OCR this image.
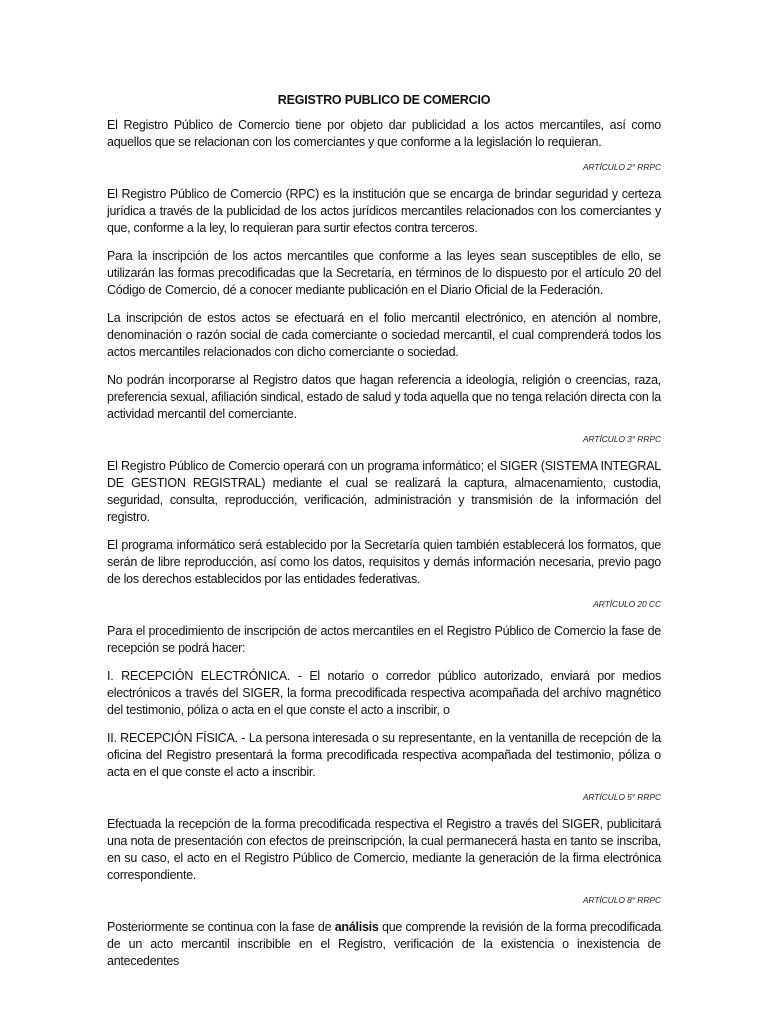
REGISTRO PUBLICO DE COMERCIO

El Registro Público de Comercio tiene por objeto dar publicidad a los actos mercantiles, así como aquellos que se relacionan con los comerciantes y que conforme a la legislación lo requieran.

ARTÍCULO 2° RRPC

El Registro Público de Comercio (RPC) es la institución que se encarga de brindar seguridad y certeza jurídica a través de la publicidad de los actos jurídicos mercantiles relacionados con los comerciantes y que, conforme a la ley, lo requieran para surtir efectos contra terceros.

Para la inscripción de los actos mercantiles que conforme a las leyes sean susceptibles de ello, se utilizarán las formas precodificadas que la Secretaría, en términos de lo dispuesto por el artículo 20 del Código de Comercio, dé a conocer mediante publicación en el Diario Oficial de la Federación.

La inscripción de estos actos se efectuará en el folio mercantil electrónico, en atención al nombre, denominación o razón social de cada comerciante o sociedad mercantil, el cual comprenderá todos los actos mercantiles relacionados con dicho comerciante o sociedad.

No podrán incorporarse al Registro datos que hagan referencia a ideología, religión o creencias, raza, preferencia sexual, afiliación sindical, estado de salud y toda aquella que no tenga relación directa con la actividad mercantil del comerciante.

ARTÍCULO 3° RRPC

El Registro Público de Comercio operará con un programa informático; el SIGER (SISTEMA INTEGRAL DE GESTION REGISTRAL) mediante el cual se realizará la captura, almacenamiento, custodia, seguridad, consulta, reproducción, verificación, administración y transmisión de la información del registro.

El programa informático será establecido por la Secretaría quien también establecerá los formatos, que serán de libre reproducción, así como los datos, requisitos y demás información necesaria, previo pago de los derechos establecidos por las entidades federativas.

ARTÍCULO 20 CC

Para el procedimiento de inscripción de actos mercantiles en el Registro Público de Comercio la fase de recepción se podrá hacer:

I. RECEPCIÓN ELECTRÓNICA. - El notario o corredor público autorizado, enviará por medios electrónicos a través del SIGER, la forma precodificada respectiva acompañada del archivo magnético del testimonio, póliza o acta en el que conste el acto a inscribir, o

II. RECEPCIÓN FÍSICA. - La persona interesada o su representante, en la ventanilla de recepción de la oficina del Registro presentará la forma precodificada respectiva acompañada del testimonio, póliza o acta en el que conste el acto a inscribir.

ARTÍCULO 5° RRPC

Efectuada la recepción de la forma precodificada respectiva el Registro a través del SIGER, publicitará una nota de presentación con efectos de preinscripción, la cual permanecerá hasta en tanto se inscriba, en su caso, el acto en el Registro Público de Comercio, mediante la generación de la firma electrónica correspondiente.

ARTÍCULO 8° RRPC

Posteriormente se continua con la fase de análisis que comprende la revisión de la forma precodificada de un acto mercantil inscribible en el Registro, verificación de la existencia o inexistencia de antecedentes
